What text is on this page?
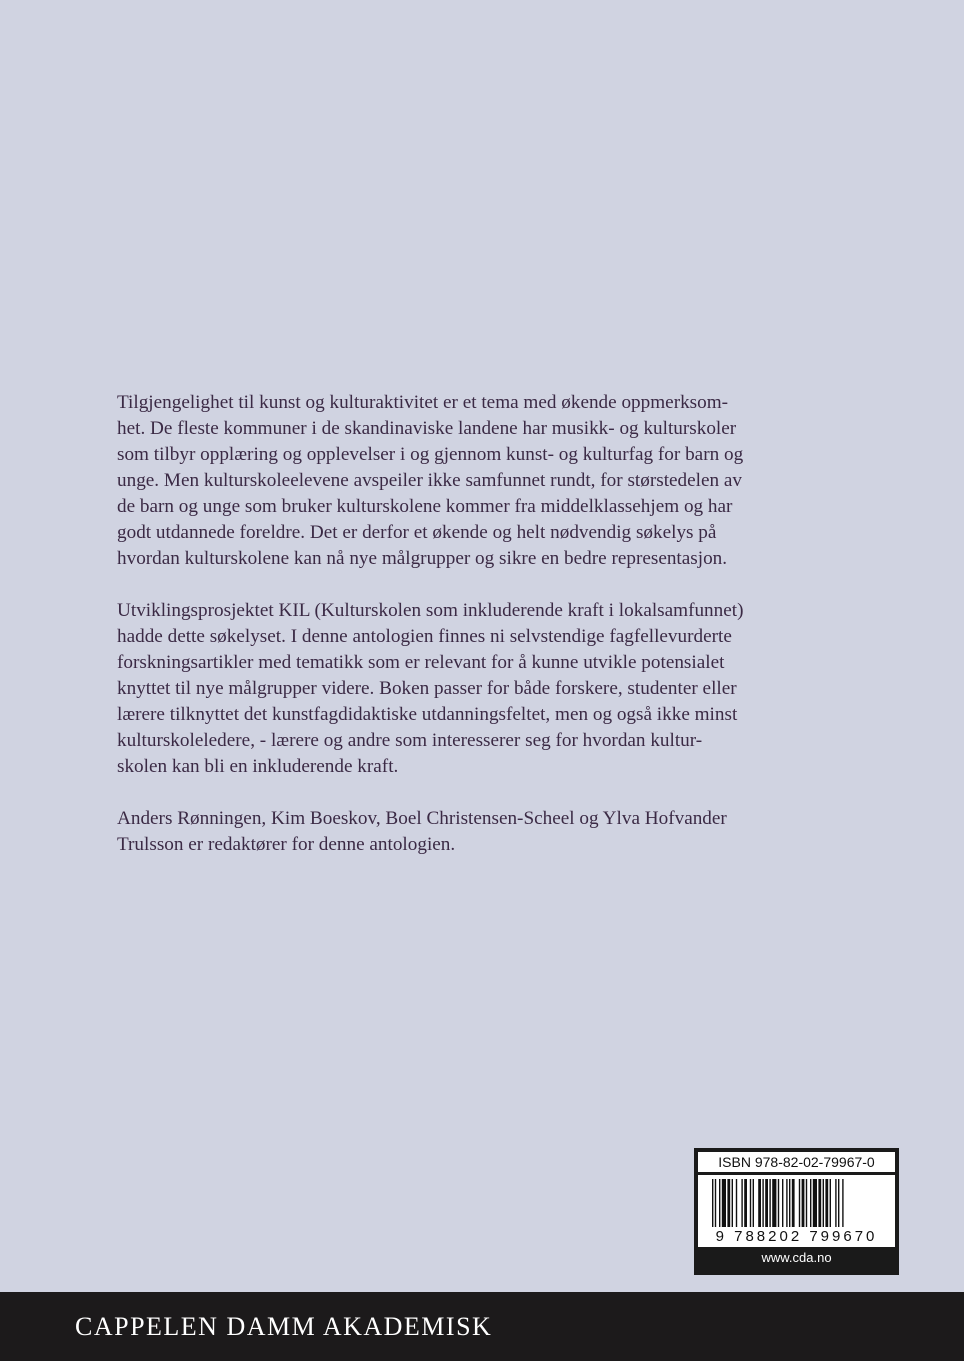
Tilgjengelighet til kunst og kulturaktivitet er et tema med økende oppmerksom-
het. De fleste kommuner i de skandinaviske landene har musikk- og kulturskoler
som tilbyr opplæring og opplevelser i og gjennom kunst- og kulturfag for barn og
unge. Men kulturskoleelevene avspeiler ikke samfunnet rundt, for størstedelen av
de barn og unge som bruker kulturskolene kommer fra middelklassehjem og har
godt utdannede foreldre. Det er derfor et økende og helt nødvendig søkelys på
hvordan kulturskolene kan nå nye målgrupper og sikre en bedre representasjon.

Utviklingsprosjektet KIL (Kulturskolen som inkluderende kraft i lokalsamfunnet)
hadde dette søkelyset. I denne antologien finnes ni selvstendige fagfellevurderte
forskningsartikler med tematikk som er relevant for å kunne utvikle potensialet
knyttet til nye målgrupper videre. Boken passer for både forskere, studenter eller
lærere tilknyttet det kunstfagdidaktiske utdanningsfeltet, men og også ikke minst
kulturskoleledere, - lærere og andre som interesserer seg for hvordan kultur-
skolen kan bli en inkluderende kraft.

Anders Rønningen, Kim Boeskov, Boel Christensen-Scheel og Ylva Hofvander
Trulsson er redaktører for denne antologien.

ISBN 978-82-02-79967-0
9 788202 799670
www.cda.no
CAPPELEN DAMM AKADEMISK
